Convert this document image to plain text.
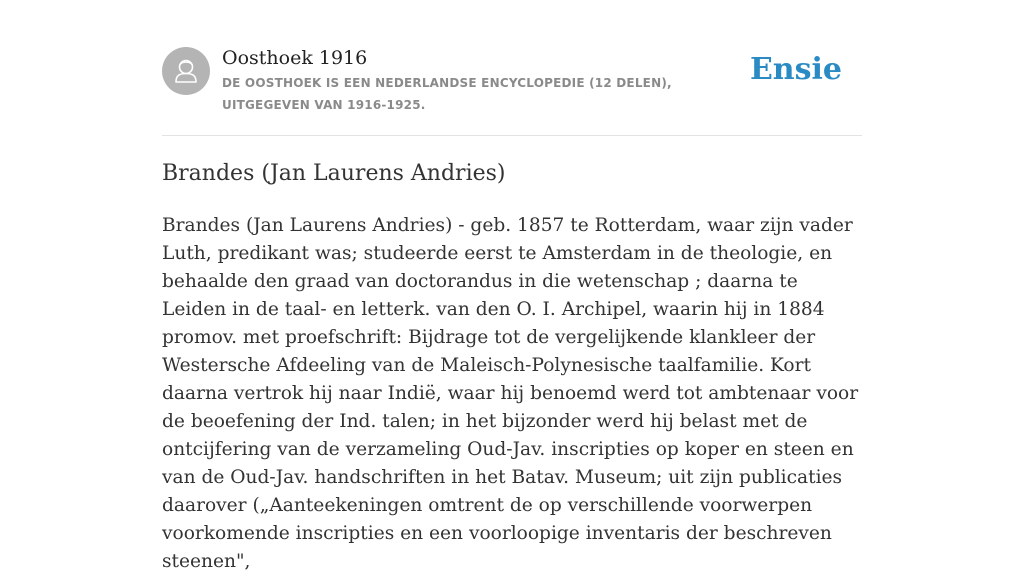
Oosthoek 1916
DE OOSTHOEK IS EEN NEDERLANDSE ENCYCLOPEDIE (12 DELEN), UITGEGEVEN VAN 1916-1925.
Ensie
Brandes (Jan Laurens Andries)

Brandes (Jan Laurens Andries) - geb. 1857 te Rotterdam, waar zijn vader Luth, predikant was; studeerde eerst te Amsterdam in de theologie, en behaalde den graad van doctorandus in die wetenschap ; daarna te Leiden in de taal- en letterk. van den O. I. Archipel, waarin hij in 1884 promov. met proefschrift: Bijdrage tot de vergelijkende klankleer der Westersche Afdeeling van de Maleisch-Polynesische taalfamilie. Kort daarna vertrok hij naar Indië, waar hij benoemd werd tot ambtenaar voor de beoefening der Ind. talen; in het bijzonder werd hij belast met de ontcijfering van de verzameling Oud-Jav. inscripties op koper en steen en van de Oud-Jav. handschriften in het Batav. Museum; uit zijn publicaties daarover („Aanteekeningen omtrent de op verschillende voorwerpen voorkomende inscripties en een voorloopige inventaris der beschreven steenen",
